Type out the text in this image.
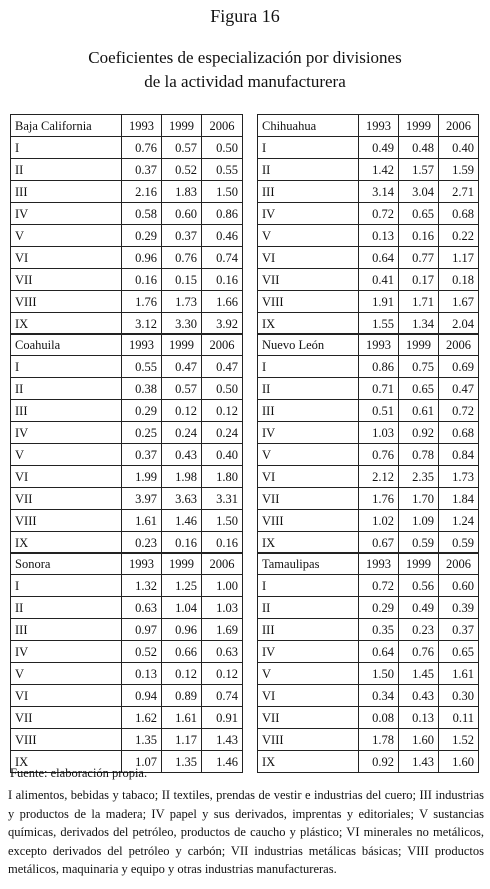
Figura 16
Coeficientes de especialización por divisiones
de la actividad manufacturera
Baja California	1993	1999	2006
I	0.76	0.57	0.50
II	0.37	0.52	0.55
III	2.16	1.83	1.50
IV	0.58	0.60	0.86
V	0.29	0.37	0.46
VI	0.96	0.76	0.74
VII	0.16	0.15	0.16
VIII	1.76	1.73	1.66
IX	3.12	3.30	3.92
Chihuahua	1993	1999	2006
I	0.49	0.48	0.40
II	1.42	1.57	1.59
III	3.14	3.04	2.71
IV	0.72	0.65	0.68
V	0.13	0.16	0.22
VI	0.64	0.77	1.17
VII	0.41	0.17	0.18
VIII	1.91	1.71	1.67
IX	1.55	1.34	2.04
Coahuila	1993	1999	2006
I	0.55	0.47	0.47
II	0.38	0.57	0.50
III	0.29	0.12	0.12
IV	0.25	0.24	0.24
V	0.37	0.43	0.40
VI	1.99	1.98	1.80
VII	3.97	3.63	3.31
VIII	1.61	1.46	1.50
IX	0.23	0.16	0.16
Nuevo León	1993	1999	2006
I	0.86	0.75	0.69
II	0.71	0.65	0.47
III	0.51	0.61	0.72
IV	1.03	0.92	0.68
V	0.76	0.78	0.84
VI	2.12	2.35	1.73
VII	1.76	1.70	1.84
VIII	1.02	1.09	1.24
IX	0.67	0.59	0.59
Sonora	1993	1999	2006
I	1.32	1.25	1.00
II	0.63	1.04	1.03
III	0.97	0.96	1.69
IV	0.52	0.66	0.63
V	0.13	0.12	0.12
VI	0.94	0.89	0.74
VII	1.62	1.61	0.91
VIII	1.35	1.17	1.43
IX	1.07	1.35	1.46
Tamaulipas	1993	1999	2006
I	0.72	0.56	0.60
II	0.29	0.49	0.39
III	0.35	0.23	0.37
IV	0.64	0.76	0.65
V	1.50	1.45	1.61
VI	0.34	0.43	0.30
VII	0.08	0.13	0.11
VIII	1.78	1.60	1.52
IX	0.92	1.43	1.60
Fuente: elaboración propia.
I alimentos, bebidas y tabaco; II textiles, prendas de vestir e industrias del cuero; III industrias y productos de la madera; IV papel y sus derivados, imprentas y editoriales; V sustancias químicas, derivados del petróleo, productos de caucho y plástico; VI minerales no metálicos, excepto derivados del petróleo y carbón; VII industrias metálicas básicas; VIII productos metálicos, maquinaria y equipo y otras industrias manufactureras.
